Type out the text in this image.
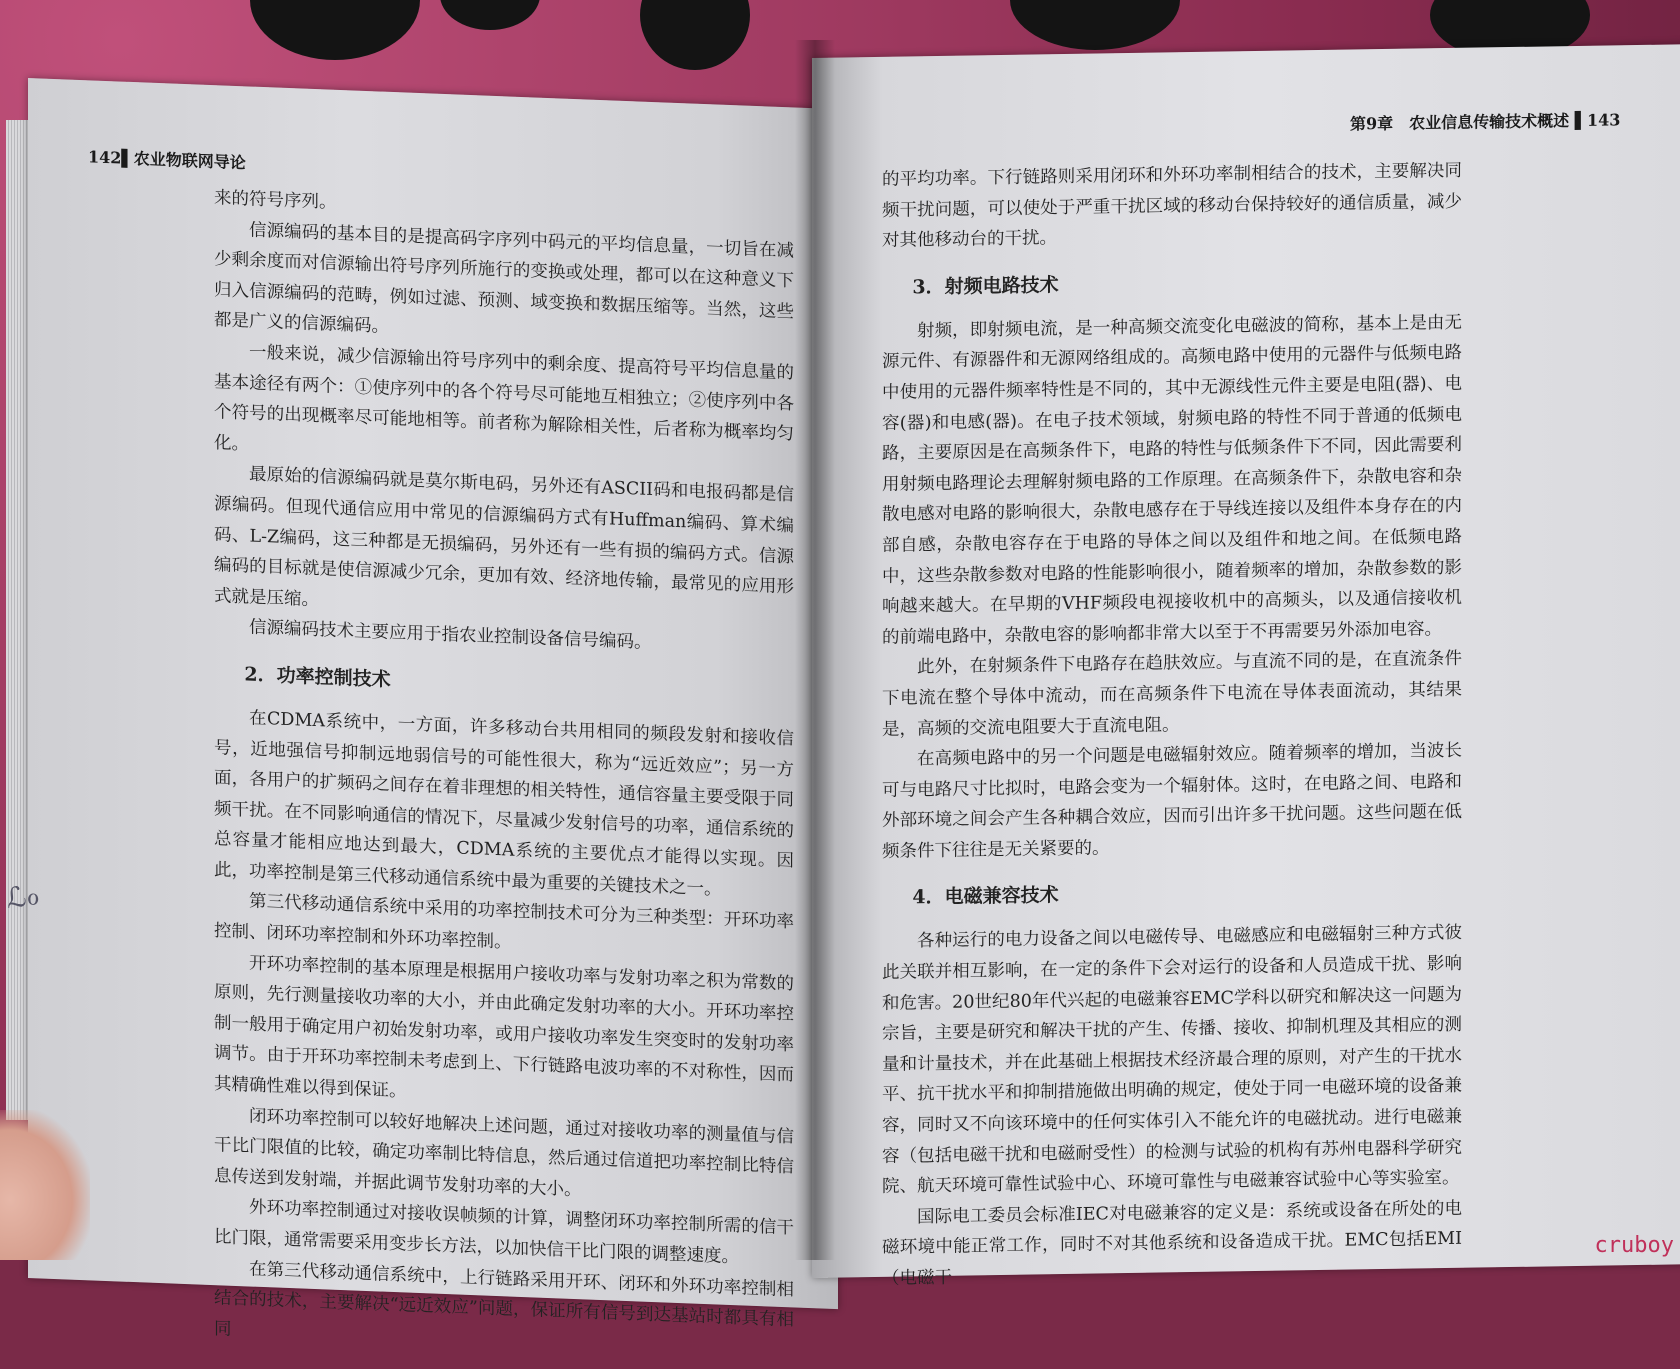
142▌农业物联网导论

来的符号序列。

信源编码的基本目的是提高码字序列中码元的平均信息量，一切旨在减少剩余度而对信源输出符号序列所施行的变换或处理，都可以在这种意义下归入信源编码的范畴，例如过滤、预测、域变换和数据压缩等。当然，这些都是广义的信源编码。

一般来说，减少信源输出符号序列中的剩余度、提高符号平均信息量的基本途径有两个：①使序列中的各个符号尽可能地互相独立；②使序列中各个符号的出现概率尽可能地相等。前者称为解除相关性，后者称为概率均匀化。

最原始的信源编码就是莫尔斯电码，另外还有ASCII码和电报码都是信源编码。但现代通信应用中常见的信源编码方式有Huffman编码、算术编码、L-Z编码，这三种都是无损编码，另外还有一些有损的编码方式。信源编码的目标就是使信源减少冗余，更加有效、经济地传输，最常见的应用形式就是压缩。

信源编码技术主要应用于指农业控制设备信号编码。

2．功率控制技术

在CDMA系统中，一方面，许多移动台共用相同的频段发射和接收信号，近地强信号抑制远地弱信号的可能性很大，称为“远近效应”；另一方面，各用户的扩频码之间存在着非理想的相关特性，通信容量主要受限于同频干扰。在不同影响通信的情况下，尽量减少发射信号的功率，通信系统的总容量才能相应地达到最大，CDMA系统的主要优点才能得以实现。因此，功率控制是第三代移动通信系统中最为重要的关键技术之一。

第三代移动通信系统中采用的功率控制技术可分为三种类型：开环功率控制、闭环功率控制和外环功率控制。

开环功率控制的基本原理是根据用户接收功率与发射功率之积为常数的原则，先行测量接收功率的大小，并由此确定发射功率的大小。开环功率控制一般用于确定用户初始发射功率，或用户接收功率发生突变时的发射功率调节。由于开环功率控制未考虑到上、下行链路电波功率的不对称性，因而其精确性难以得到保证。

闭环功率控制可以较好地解决上述问题，通过对接收功率的测量值与信干比门限值的比较，确定功率制比特信息，然后通过信道把功率控制比特信息传送到发射端，并据此调节发射功率的大小。

外环功率控制通过对接收误帧频的计算，调整闭环功率控制所需的信干比门限，通常需要采用变步长方法，以加快信干比门限的调整速度。

在第三代移动通信系统中，上行链路采用开环、闭环和外环功率控制相结合的技术，主要解决“远近效应”问题，保证所有信号到达基站时都具有相同

第9章　农业信息传输技术概述 ▌143

的平均功率。下行链路则采用闭环和外环功率制相结合的技术，主要解决同频干扰问题，可以使处于严重干扰区域的移动台保持较好的通信质量，减少对其他移动台的干扰。

3．射频电路技术

射频，即射频电流，是一种高频交流变化电磁波的简称，基本上是由无源元件、有源器件和无源网络组成的。高频电路中使用的元器件与低频电路中使用的元器件频率特性是不同的，其中无源线性元件主要是电阻(器)、电容(器)和电感(器)。在电子技术领域，射频电路的特性不同于普通的低频电路，主要原因是在高频条件下，电路的特性与低频条件下不同，因此需要利用射频电路理论去理解射频电路的工作原理。在高频条件下，杂散电容和杂散电感对电路的影响很大，杂散电感存在于导线连接以及组件本身存在的内部自感，杂散电容存在于电路的导体之间以及组件和地之间。在低频电路中，这些杂散参数对电路的性能影响很小，随着频率的增加，杂散参数的影响越来越大。在早期的VHF频段电视接收机中的高频头，以及通信接收机的前端电路中，杂散电容的影响都非常大以至于不再需要另外添加电容。

此外，在射频条件下电路存在趋肤效应。与直流不同的是，在直流条件下电流在整个导体中流动，而在高频条件下电流在导体表面流动，其结果是，高频的交流电阻要大于直流电阻。

在高频电路中的另一个问题是电磁辐射效应。随着频率的增加，当波长可与电路尺寸比拟时，电路会变为一个辐射体。这时，在电路之间、电路和外部环境之间会产生各种耦合效应，因而引出许多干扰问题。这些问题在低频条件下往往是无关紧要的。

4．电磁兼容技术

各种运行的电力设备之间以电磁传导、电磁感应和电磁辐射三种方式彼此关联并相互影响，在一定的条件下会对运行的设备和人员造成干扰、影响和危害。20世纪80年代兴起的电磁兼容EMC学科以研究和解决这一问题为宗旨，主要是研究和解决干扰的产生、传播、接收、抑制机理及其相应的测量和计量技术，并在此基础上根据技术经济最合理的原则，对产生的干扰水平、抗干扰水平和抑制措施做出明确的规定，使处于同一电磁环境的设备兼容，同时又不向该环境中的任何实体引入不能允许的电磁扰动。进行电磁兼容（包括电磁干扰和电磁耐受性）的检测与试验的机构有苏州电器科学研究院、航天环境可靠性试验中心、环境可靠性与电磁兼容试验中心等实验室。

国际电工委员会标准IEC对电磁兼容的定义是：系统或设备在所处的电磁环境中能正常工作，同时不对其他系统和设备造成干扰。EMC包括EMI（电磁干

ℒℴ
cruboy
